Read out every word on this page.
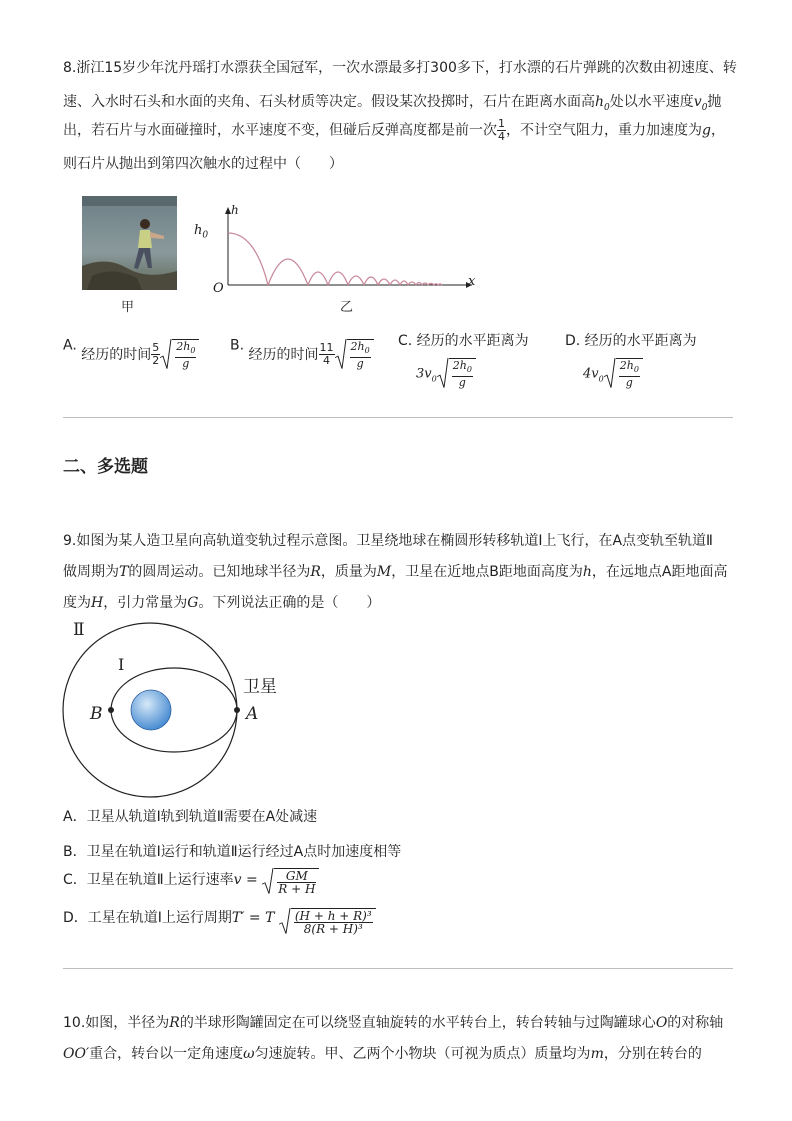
8.浙江15岁少年沈丹瑶打水漂获全国冠军，一次水漂最多打300多下，打水漂的石片弹跳的次数由初速度、转
速、入水时石头和水面的夹角、石头材质等决定。假设某次投掷时，石片在距离水面高$h_0$处以水平速度$v_0$抛
出，若石片与水面碰撞时，水平速度不变，但碰后反弹高度都是前一次 $\frac{1}{4}$ ，不计空气阻力，重力加速度为g，
则石片从抛出到第四次触水的过程中（　　）
甲
h
$h_0$
O	x
乙
A. 经历的时间 $\frac{5}{2} \frac{2h_0}{g} B$. 经历的时间 $\frac{11}{4} \frac{2h_0}{g} C$. 经历的水平距离为
$3v_0 \frac{2h_0}{g}$
D. 经历的水平距离为
$4v_0 \frac{2h_0}{g}$
二、多选题
9.如图为某人造卫星向高轨道变轨过程示意图。卫星绕地球在椭圆形转移轨道Ⅰ上飞行，在A点变轨至轨道Ⅱ
做周期为T的圆周运动。已知地球半径为R，质量为M，卫星在近地点B距地面高度为h，在远地点A距地面高
度为H，引力常量为G。下列说法正确的是（　　）
Ⅱ
Ⅰ
卫星
B	A
A．卫星从轨道Ⅰ轨到轨道Ⅱ需要在A处减速
B．卫星在轨道Ⅰ运行和轨道Ⅱ运行经过A点时加速度相等
C．卫星在轨道Ⅱ上运行速率$v = \frac{GM}{R + H}$
D．工星在轨道Ⅰ上运行周期T′ = T $\frac{\text{(H + h + R)³}}{\text{8(R + H)³}}$
10.如图，半径为R的半球形陶罐固定在可以绕竖直轴旋转的水平转台上，转台转轴与过陶罐球心O的对称轴
OO′重合，转台以一定角速度ω匀速旋转。甲、乙两个小物块（可视为质点）质量均为m，分别在转台的
